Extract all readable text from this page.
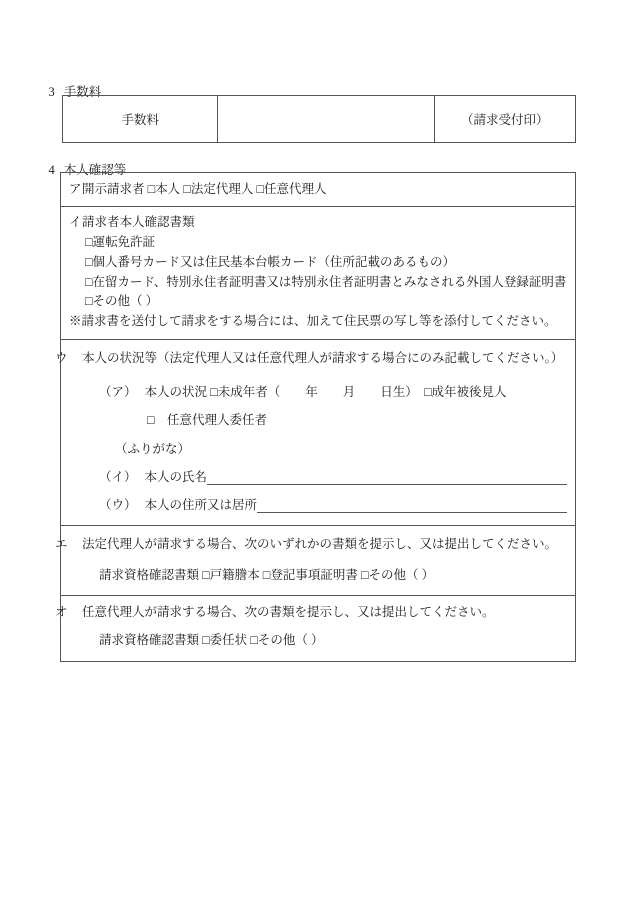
3 手数料

手数料	（請求受付印）

4 本人確認等

ア開示請求者 □本人 □法定代理人 □任意代理人
イ請求者本人確認書類
□運転免許証
□個人番号カード又は住民基本台帳カード（住所記載のあるもの）
□在留カード、特別永住者証明書又は特別永住者証明書とみなされる外国人登録証明書
□その他（ ）
※請求書を送付して請求をする場合には、加えて住民票の写し等を添付してください。
ウ 本人の状況等（法定代理人又は任意代理人が請求する場合にのみ記載してください。）
（ア） 本人の状況 □未成年者（　　年　　月　　日生）　□成年被後見人
□　任意代理人委任者
（ふりがな）
（イ） 本人の氏名
（ウ） 本人の住所又は居所
エ 法定代理人が請求する場合、次のいずれかの書類を提示し、又は提出してください。
請求資格確認書類 □戸籍謄本 □登記事項証明書 □その他（ ）
オ 任意代理人が請求する場合、次の書類を提示し、又は提出してください。
請求資格確認書類 □委任状 □その他（ ）
